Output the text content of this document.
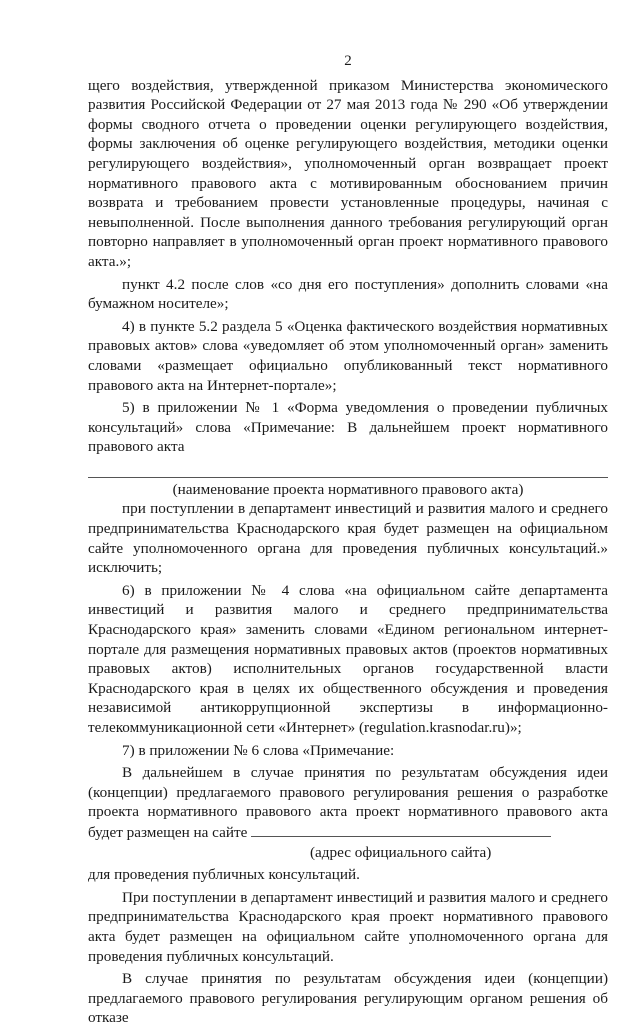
2

щего воздействия, утвержденной приказом Министерства экономического развития Российской Федерации от 27 мая 2013 года № 290 «Об утверждении формы сводного отчета о проведении оценки регулирующего воздействия, формы заключения об оценке регулирующего воздействия, методики оценки регулирующего воздействия», уполномоченный орган возвращает проект нормативного правового акта с мотивированным обоснованием причин возврата и требованием провести установленные процедуры, начиная с невыполненной. После выполнения данного требования регулирующий орган повторно направляет в уполномоченный орган проект нормативного правового акта.»;

пункт 4.2 после слов «со дня его поступления» дополнить словами «на бумажном носителе»;

4) в пункте 5.2 раздела 5 «Оценка фактического воздействия нормативных правовых актов» слова «уведомляет об этом уполномоченный орган» заменить словами «размещает официально опубликованный текст нормативного правового акта на Интернет-портале»;

5) в приложении № 1 «Форма уведомления о проведении публичных консультаций» слова «Примечание: В дальнейшем проект нормативного правового акта

(наименование проекта нормативного правового акта)

при поступлении в департамент инвестиций и развития малого и среднего предпринимательства Краснодарского края будет размещен на официальном сайте уполномоченного органа для проведения публичных консультаций.» исключить;

6) в приложении № 4 слова «на официальном сайте департамента инвестиций и развития малого и среднего предпринимательства Краснодарского края» заменить словами «Едином региональном интернет-портале для размещения нормативных правовых актов (проектов нормативных правовых актов) исполнительных органов государственной власти Краснодарского края в целях их общественного обсуждения и проведения независимой антикоррупционной экспертизы в информационно-телекоммуникационной сети «Интернет» (regulation.krasnodar.ru)»;

7) в приложении № 6 слова «Примечание:

В дальнейшем в случае принятия по результатам обсуждения идеи (концепции) предлагаемого правового регулирования решения о разработке проекта нормативного правового акта проект нормативного правового акта будет размещен на сайте

(адрес официального сайта)

для проведения публичных консультаций.

При поступлении в департамент инвестиций и развития малого и среднего предпринимательства Краснодарского края проект нормативного правового акта будет размещен на официальном сайте уполномоченного органа для проведения публичных консультаций.

В случае принятия по результатам обсуждения идеи (концепции) предлагаемого правового регулирования регулирующим органом решения об отказе
